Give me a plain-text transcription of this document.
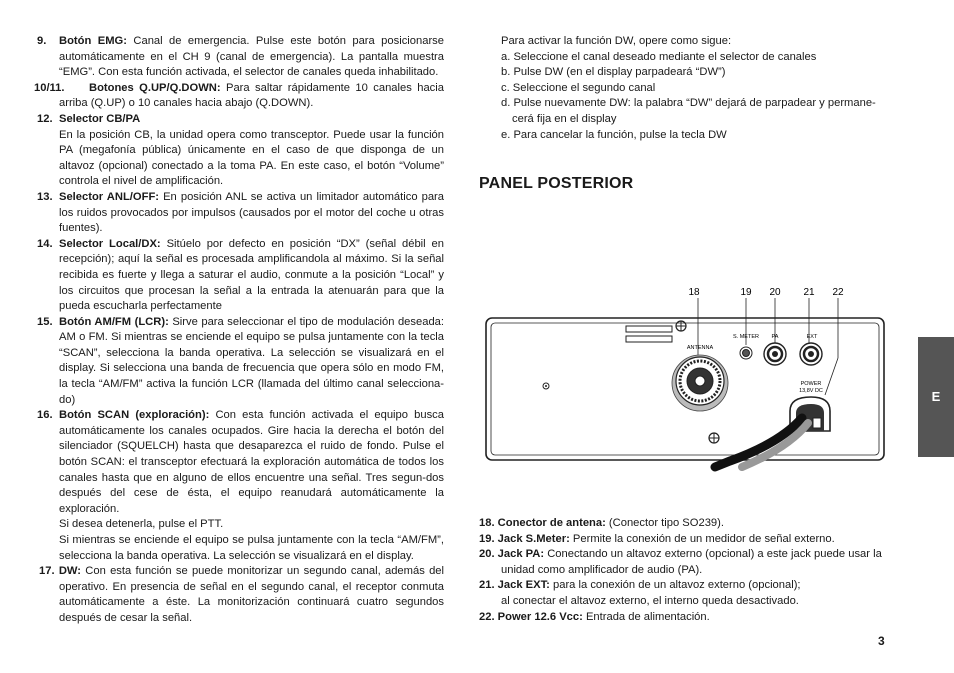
9. Botón EMG: Canal de emergencia. Pulse este botón para posicionarse automáticamente en el CH 9 (canal de emergencia). La pantalla muestra “EMG”. Con esta función activada, el selector de canales queda inhabilitado.

10/11.	Botones Q.UP/Q.DOWN: Para saltar rápidamente 10 canales hacia arriba (Q.UP) o 10 canales hacia abajo (Q.DOWN).

12. Selector CB/PA

En la posición CB, la unidad opera como transceptor. Puede usar la función PA (megafonía pública) únicamente en el caso de que disponga de un altavoz (opcional) conectado a la toma PA. En este caso, el botón “Volume” controla el nivel de amplificación.

13. Selector ANL/OFF: En posición ANL se activa un limitador automático para los ruidos provocados por impulsos (causados por el motor del coche u otras fuentes).

14. Selector Local/DX: Sitúelo por defecto en posición “DX” (señal débil en recepción); aquí la señal es procesada amplificandola al máximo. Si la señal recibida es fuerte y llega a saturar el audio, conmute a la posición “Local” y los circuitos que procesan la señal a la entrada la atenuarán para que la pueda escucharla perfectamente

15. Botón AM/FM (LCR): Sirve para seleccionar el tipo de modulación deseada: AM o FM. Si mientras se enciende el equipo se pulsa juntamente con la tecla “SCAN”, selecciona la banda operativa. La selección se visualizará en el display. Si selecciona una banda de frecuencia que opera sólo en modo FM, la tecla “AM/FM” activa la función LCR (llamada del último canal selecciona-do)

16. Botón SCAN (exploración): Con esta función activada el equipo busca automáticamente los canales ocupados. Gire hacia la derecha el botón del silenciador (SQUELCH) hasta que desaparezca el ruido de fondo. Pulse el botón SCAN: el transceptor efectuará la exploración automática de todos los canales hasta que en alguno de ellos encuentre una señal. Tres segun-dos después del cese de ésta, el equipo reanudará automáticamente la exploración.

Si desea detenerla, pulse el PTT.

Si mientras se enciende el equipo se pulsa juntamente con la tecla “AM/FM”, selecciona la banda operativa. La selección se visualizará en el display.

17. DW: Con esta función se puede monitorizar un segundo canal, además del operativo. En presencia de señal en el segundo canal, el receptor conmuta automáticamente a éste. La monitorización continuará cuatro segundos después de cesar la señal.

Para activar la función DW, opere como sigue:
a. Seleccione el canal deseado mediante el selector de canales
b. Pulse DW (en el display parpadeará “DW”)
c. Seleccione el segundo canal
d. Pulse nuevamente DW: la palabra “DW” dejará de parpadear y permane-
cerá fija en el display
e. Para cancelar la función, pulse la tecla DW
PANEL POSTERIOR
18	19 20 21 22
ANTENNA
S. METER PA	EXT
POWER
13,8V DC
18. Conector de antena: (Conector tipo SO239).
19. Jack S.Meter: Permite la conexión de un medidor de señal externo.
20. Jack PA: Conectando un altavoz externo (opcional) a este jack puede usar la
unidad como amplificador de audio (PA).
21. Jack EXT: para la conexión de un altavoz externo (opcional);
al conectar el altavoz externo, el interno queda desactivado.
22. Power 12.6 Vcc: Entrada de alimentación.
E
3
